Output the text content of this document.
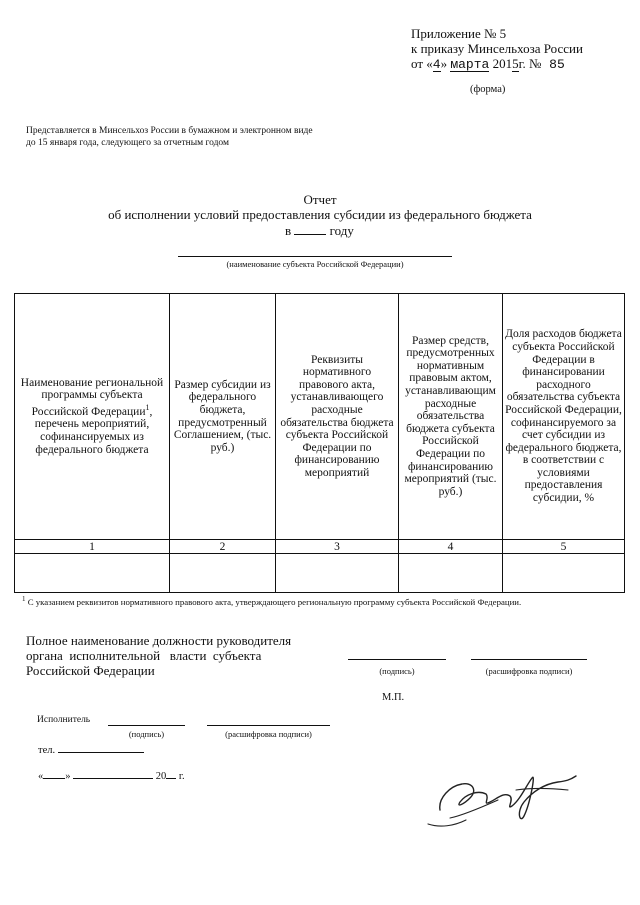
Приложение № 5
к приказу Минсельхоза России
от «4» марта 2015г. № 85
(форма)
Представляется в Минсельхоз России в бумажном и электронном виде
до 15 января года, следующего за отчетным годом
Отчет
об исполнении условий предоставления субсидии из федерального бюджета
в	году
(наименование субъекта Российской Федерации)
Наименование региональной программы субъекта Российской Федерации$^1$, перечень мероприятий, софинансируемых из федерального бюджета	Размер субсидии из федерального бюджета, предусмотренный Соглашением, (тыс. руб.)	Реквизиты нормативного правового акта, устанавливающего расходные обязательства бюджета субъекта Российской Федерации по финансированию мероприятий	Размер средств, предусмотренных нормативным правовым актом, устанавливающим расходные обязательства бюджета субъекта Российской Федерации по финансированию мероприятий (тыс. руб.)	Доля расходов бюджета субъекта Российской Федерации в финансировании расходного обязательства субъекта Российской Федерации, софинансируемого за счет субсидии из федерального бюджета, в соответствии с условиями предоставления субсидии, %
1	2	3	4	5

$^1$ С указанием реквизитов нормативного правового акта, утверждающего региональную программу субъекта Российской Федерации.
Полное наименование должности руководителя
органа  исполнительной   власти  субъекта
Российской Федерации	(подпись)	(расшифровка подписи)
М.П.
Исполнитель
(подпись)	(расшифровка подписи)
тел.
« »	20 г.
